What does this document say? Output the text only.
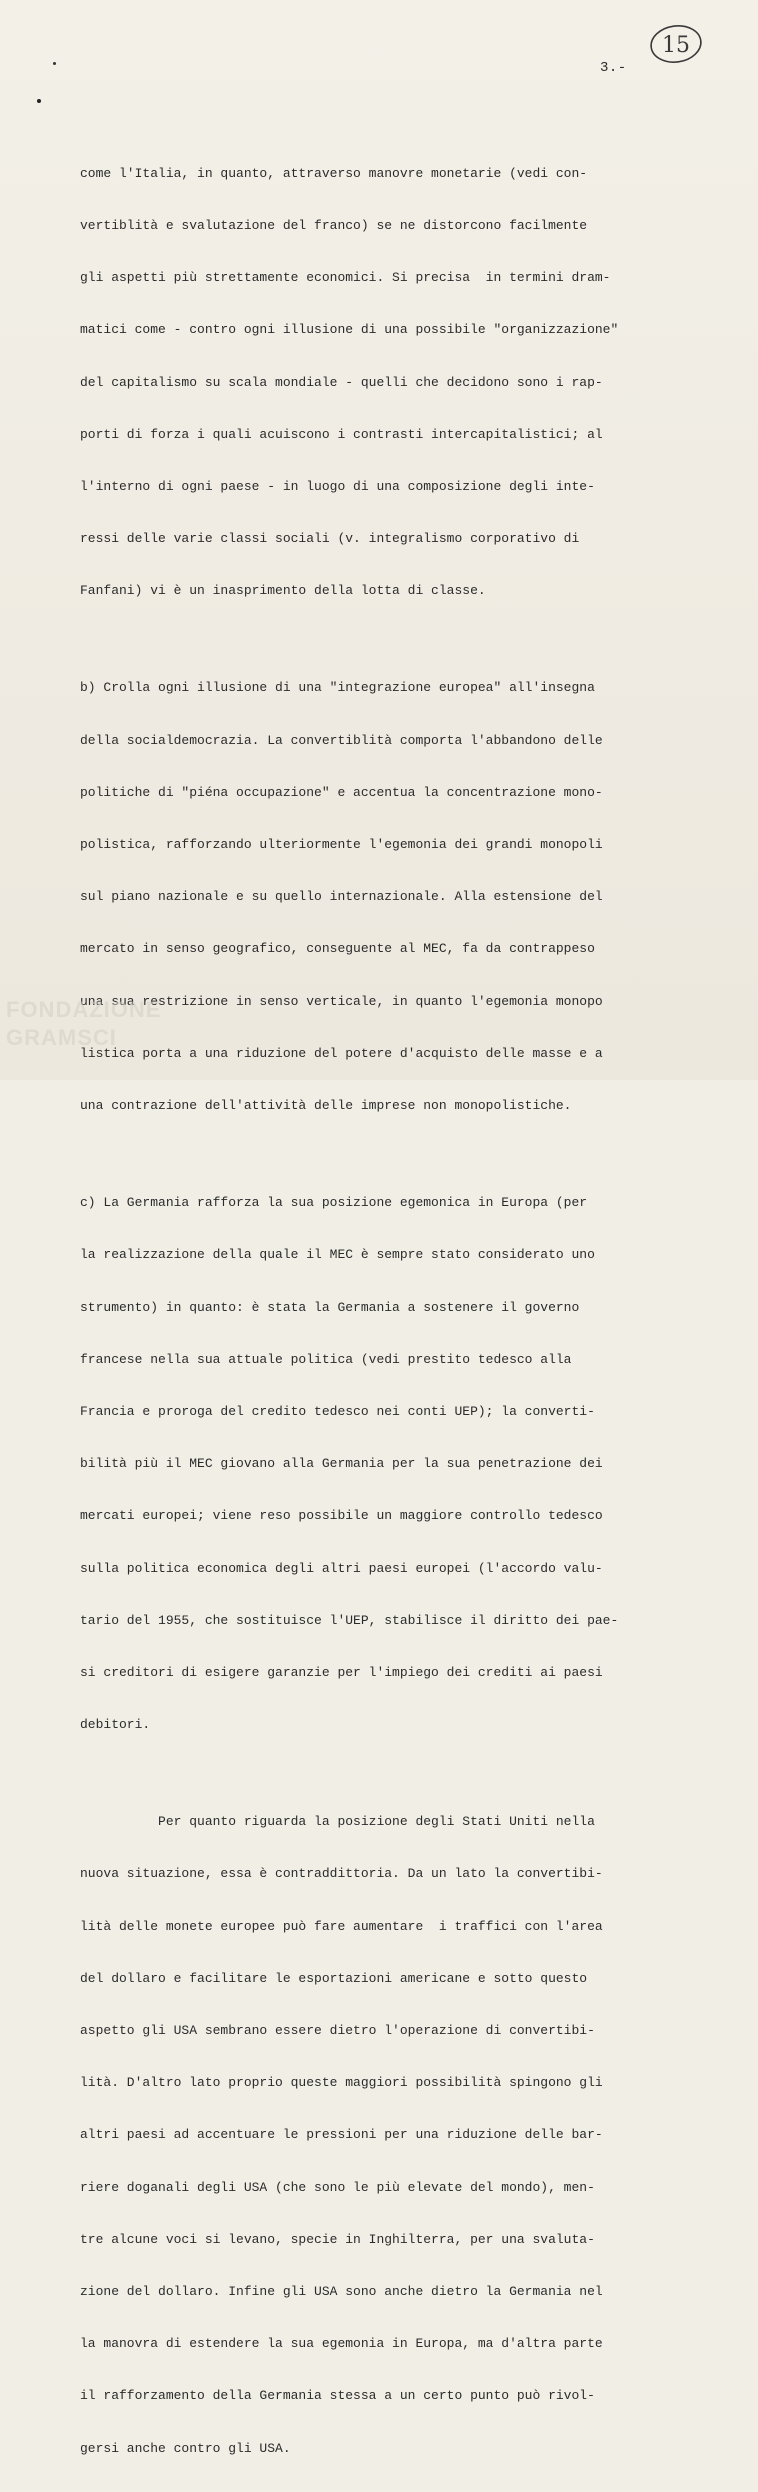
15
3.-

come l'Italia, in quanto, attraverso manovre monetarie (vedi con-

vertiblità e svalutazione del franco) se ne distorcono facilmente

gli aspetti più strettamente economici. Si precisa  in termini dram-

matici come - contro ogni illusione di una possibile "organizzazione"

del capitalismo su scala mondiale - quelli che decidono sono i rap-

porti di forza i quali acuiscono i contrasti intercapitalistici; al

l'interno di ogni paese - in luogo di una composizione degli inte-

ressi delle varie classi sociali (v. integralismo corporativo di

Fanfani) vi è un inasprimento della lotta di classe.

b) Crolla ogni illusione di una "integrazione europea" all'insegna

della socialdemocrazia. La convertiblità comporta l'abbandono delle

politiche di "piéna occupazione" e accentua la concentrazione mono-

polistica, rafforzando ulteriormente l'egemonia dei grandi monopoli

sul piano nazionale e su quello internazionale. Alla estensione del

mercato in senso geografico, conseguente al MEC, fa da contrappeso

una sua restrizione in senso verticale, in quanto l'egemonia monopo

listica porta a una riduzione del potere d'acquisto delle masse e a

una contrazione dell'attività delle imprese non monopolistiche.

c) La Germania rafforza la sua posizione egemonica in Europa (per

la realizzazione della quale il MEC è sempre stato considerato uno

strumento) in quanto: è stata la Germania a sostenere il governo

francese nella sua attuale politica (vedi prestito tedesco alla

Francia e proroga del credito tedesco nei conti UEP); la converti-

bilità più il MEC giovano alla Germania per la sua penetrazione dei

mercati europei; viene reso possibile un maggiore controllo tedesco

sulla politica economica degli altri paesi europei (l'accordo valu-

tario del 1955, che sostituisce l'UEP, stabilisce il diritto dei pae-

si creditori di esigere garanzie per l'impiego dei crediti ai paesi

debitori.

Per quanto riguarda la posizione degli Stati Uniti nella

nuova situazione, essa è contraddittoria. Da un lato la convertibi-

lità delle monete europee può fare aumentare  i traffici con l'area

del dollaro e facilitare le esportazioni americane e sotto questo

aspetto gli USA sembrano essere dietro l'operazione di convertibi-

lità. D'altro lato proprio queste maggiori possibilità spingono gli

altri paesi ad accentuare le pressioni per una riduzione delle bar-

riere doganali degli USA (che sono le più elevate del mondo), men-

tre alcune voci si levano, specie in Inghilterra, per una svaluta-

zione del dollaro. Infine gli USA sono anche dietro la Germania nel

la manovra di estendere la sua egemonia in Europa, ma d'altra parte

il rafforzamento della Germania stessa a un certo punto può rivol-

gersi anche contro gli USA.

FONDAZIONE
GRAMSCI
